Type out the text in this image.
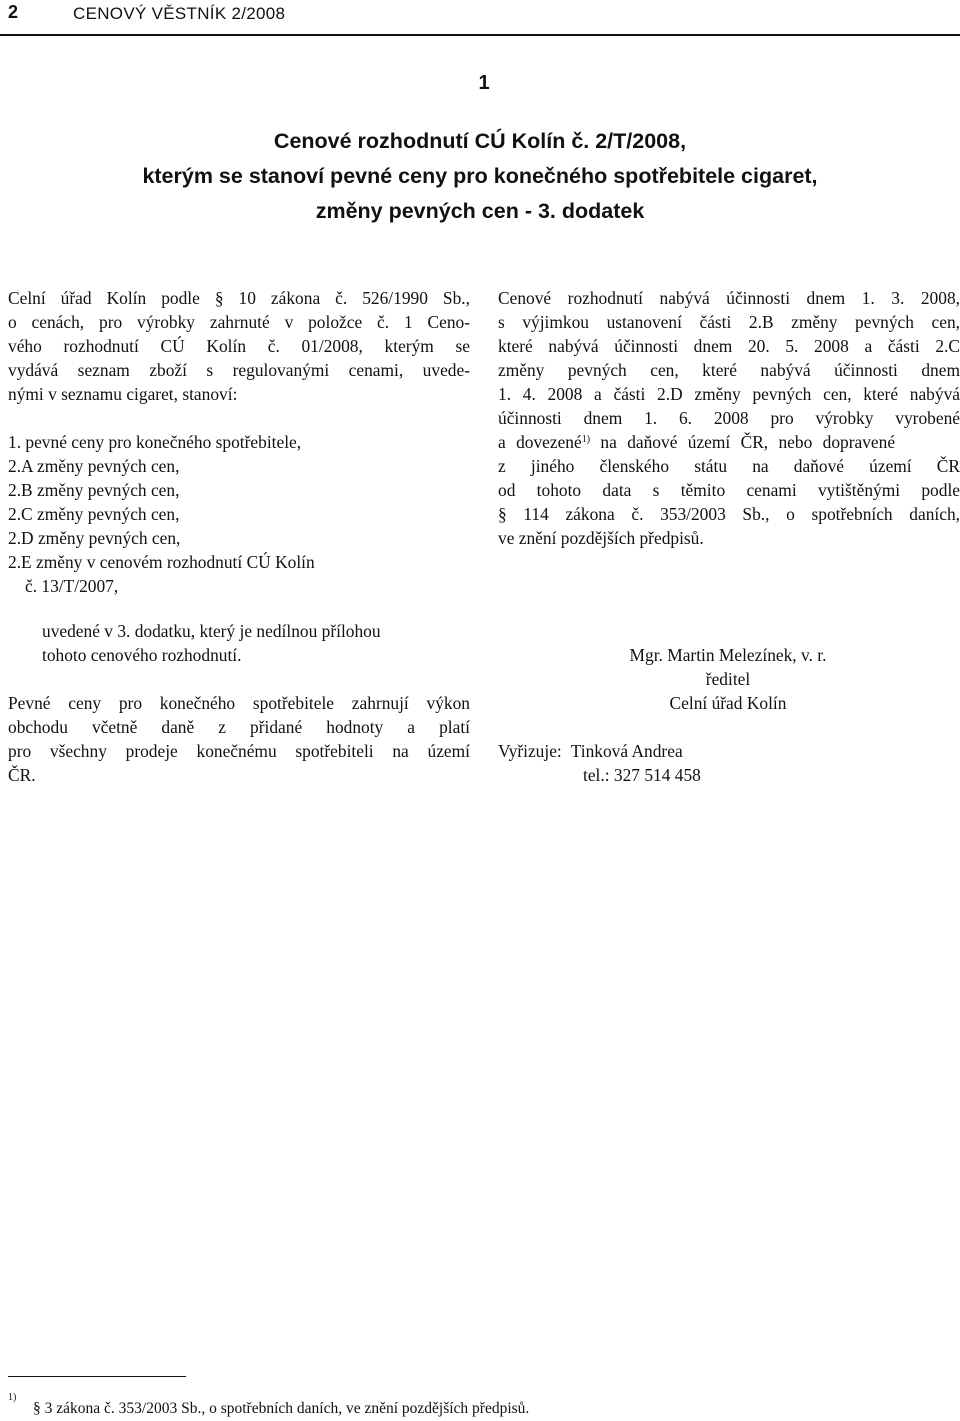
2	CENOVÝ VĚSTNÍK 2/2008
1
Cenové rozhodnutí CÚ Kolín č. 2/T/2008,
kterým se stanoví pevné ceny pro konečného spotřebitele cigaret,
změny pevných cen - 3. dodatek
Celní úřad Kolín podle § 10 zákona č. 526/1990 Sb.,
o cenách, pro výrobky zahrnuté v položce č. 1 Ceno-
vého rozhodnutí CÚ Kolín č. 01/2008, kterým se
vydává seznam zboží s regulovanými cenami, uvede-
nými v seznamu cigaret, stanoví:
1. pevné ceny pro konečného spotřebitele,
2.A změny pevných cen,
2.B změny pevných cen,
2.C změny pevných cen,
2.D změny pevných cen,
2.E změny v cenovém rozhodnutí CÚ Kolín
č. 13/T/2007,
uvedené v 3. dodatku, který je nedílnou přílohou
tohoto cenového rozhodnutí.
Pevné ceny pro konečného spotřebitele zahrnují výkon
obchodu včetně daně z přidané hodnoty a platí
pro všechny prodeje konečnému spotřebiteli na území
ČR.
Cenové rozhodnutí nabývá účinnosti dnem 1. 3. 2008,
s výjimkou ustanovení části 2.B změny pevných cen,
které nabývá účinnosti dnem 20. 5. 2008 a části 2.C
změny pevných cen, které nabývá účinnosti dnem
1. 4. 2008 a části 2.D změny pevných cen, které nabývá
účinnosti dnem 1. 6. 2008 pro výrobky vyrobené
a dovezené$^{1)}$ na daňové území ČR, nebo dopravené
z jiného členského státu na daňové území ČR
od tohoto data s těmito cenami vytištěnými podle
§ 114 zákona č. 353/2003 Sb., o spotřebních daních,
ve znění pozdějších předpisů.
Mgr. Martin Melezínek, v. r.
ředitel
Celní úřad Kolín
Vyřizuje: Tinková Andrea
tel.: 327 514 458
1)
§ 3 zákona č. 353/2003 Sb., o spotřebních daních, ve znění pozdějších předpisů.
